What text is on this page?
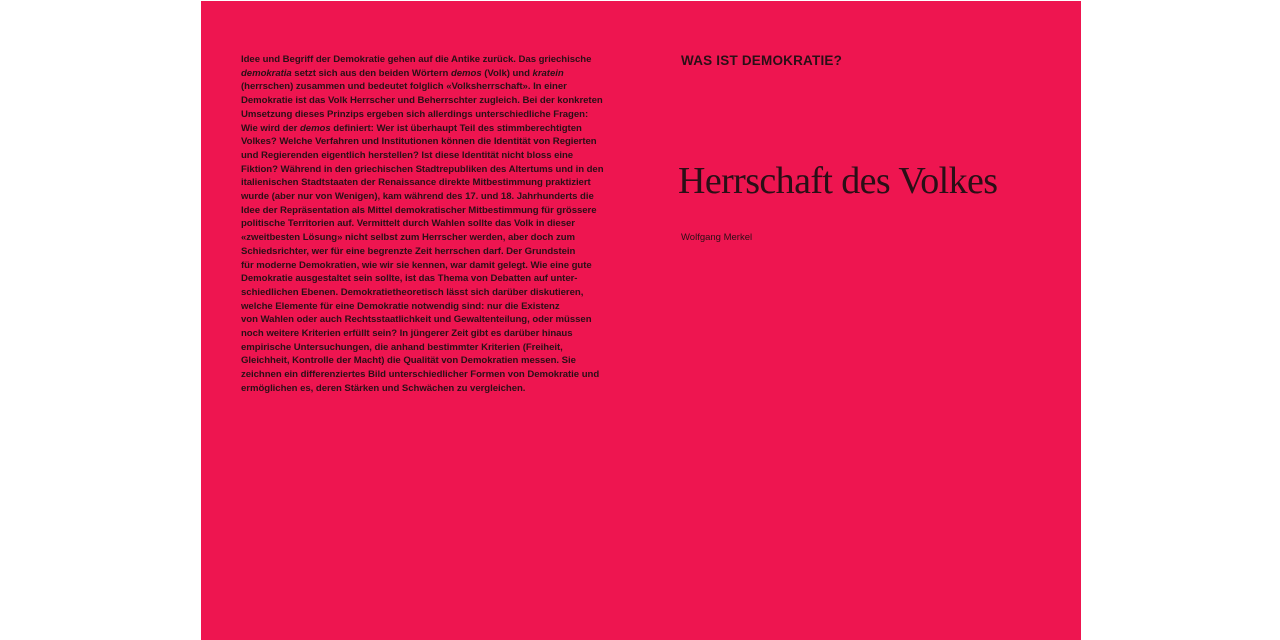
Idee und Begriff der Demokratie gehen auf die Antike zurück. Das griechische
demokratia setzt sich aus den beiden Wörtern demos (Volk) und kratein
(herrschen) zusammen und bedeutet folglich «Volksherrschaft». In einer
Demokratie ist das Volk Herrscher und Beherrschter zugleich. Bei der konkreten
Umsetzung dieses Prinzips ergeben sich allerdings unterschiedliche Fragen:
Wie wird der demos definiert: Wer ist überhaupt Teil des stimmberechtigten
Volkes? Welche Verfahren und Institutionen können die Identität von Regierten
und Regierenden eigentlich herstellen? Ist diese Identität nicht bloss eine
Fiktion? Während in den griechischen Stadtrepubliken des Altertums und in den
italienischen Stadtstaaten der Renaissance direkte Mitbestimmung praktiziert
wurde (aber nur von Wenigen), kam während des 17. und 18. Jahrhunderts die
Idee der Repräsentation als Mittel demokratischer Mitbestimmung für grössere
politische Territorien auf. Vermittelt durch Wahlen sollte das Volk in dieser
«zweitbesten Lösung» nicht selbst zum Herrscher werden, aber doch zum
Schiedsrichter, wer für eine begrenzte Zeit herrschen darf. Der Grundstein
für moderne Demokratien, wie wir sie kennen, war damit gelegt. Wie eine gute
Demokratie ausgestaltet sein sollte, ist das Thema von Debatten auf unter-
schiedlichen Ebenen. Demokratietheoretisch lässt sich darüber diskutieren,
welche Elemente für eine Demokratie notwendig sind: nur die Existenz
von Wahlen oder auch Rechtsstaatlichkeit und Gewaltenteilung, oder müssen
noch weitere Kriterien erfüllt sein? In jüngerer Zeit gibt es darüber hinaus
empirische Untersuchungen, die anhand bestimmter Kriterien (Freiheit,
Gleichheit, Kontrolle der Macht) die Qualität von Demokratien messen. Sie
zeichnen ein differenziertes Bild unterschiedlicher Formen von Demokratie und
ermöglichen es, deren Stärken und Schwächen zu vergleichen.
WAS IST DEMOKRATIE?
Herrschaft des Volkes
Wolfgang Merkel
